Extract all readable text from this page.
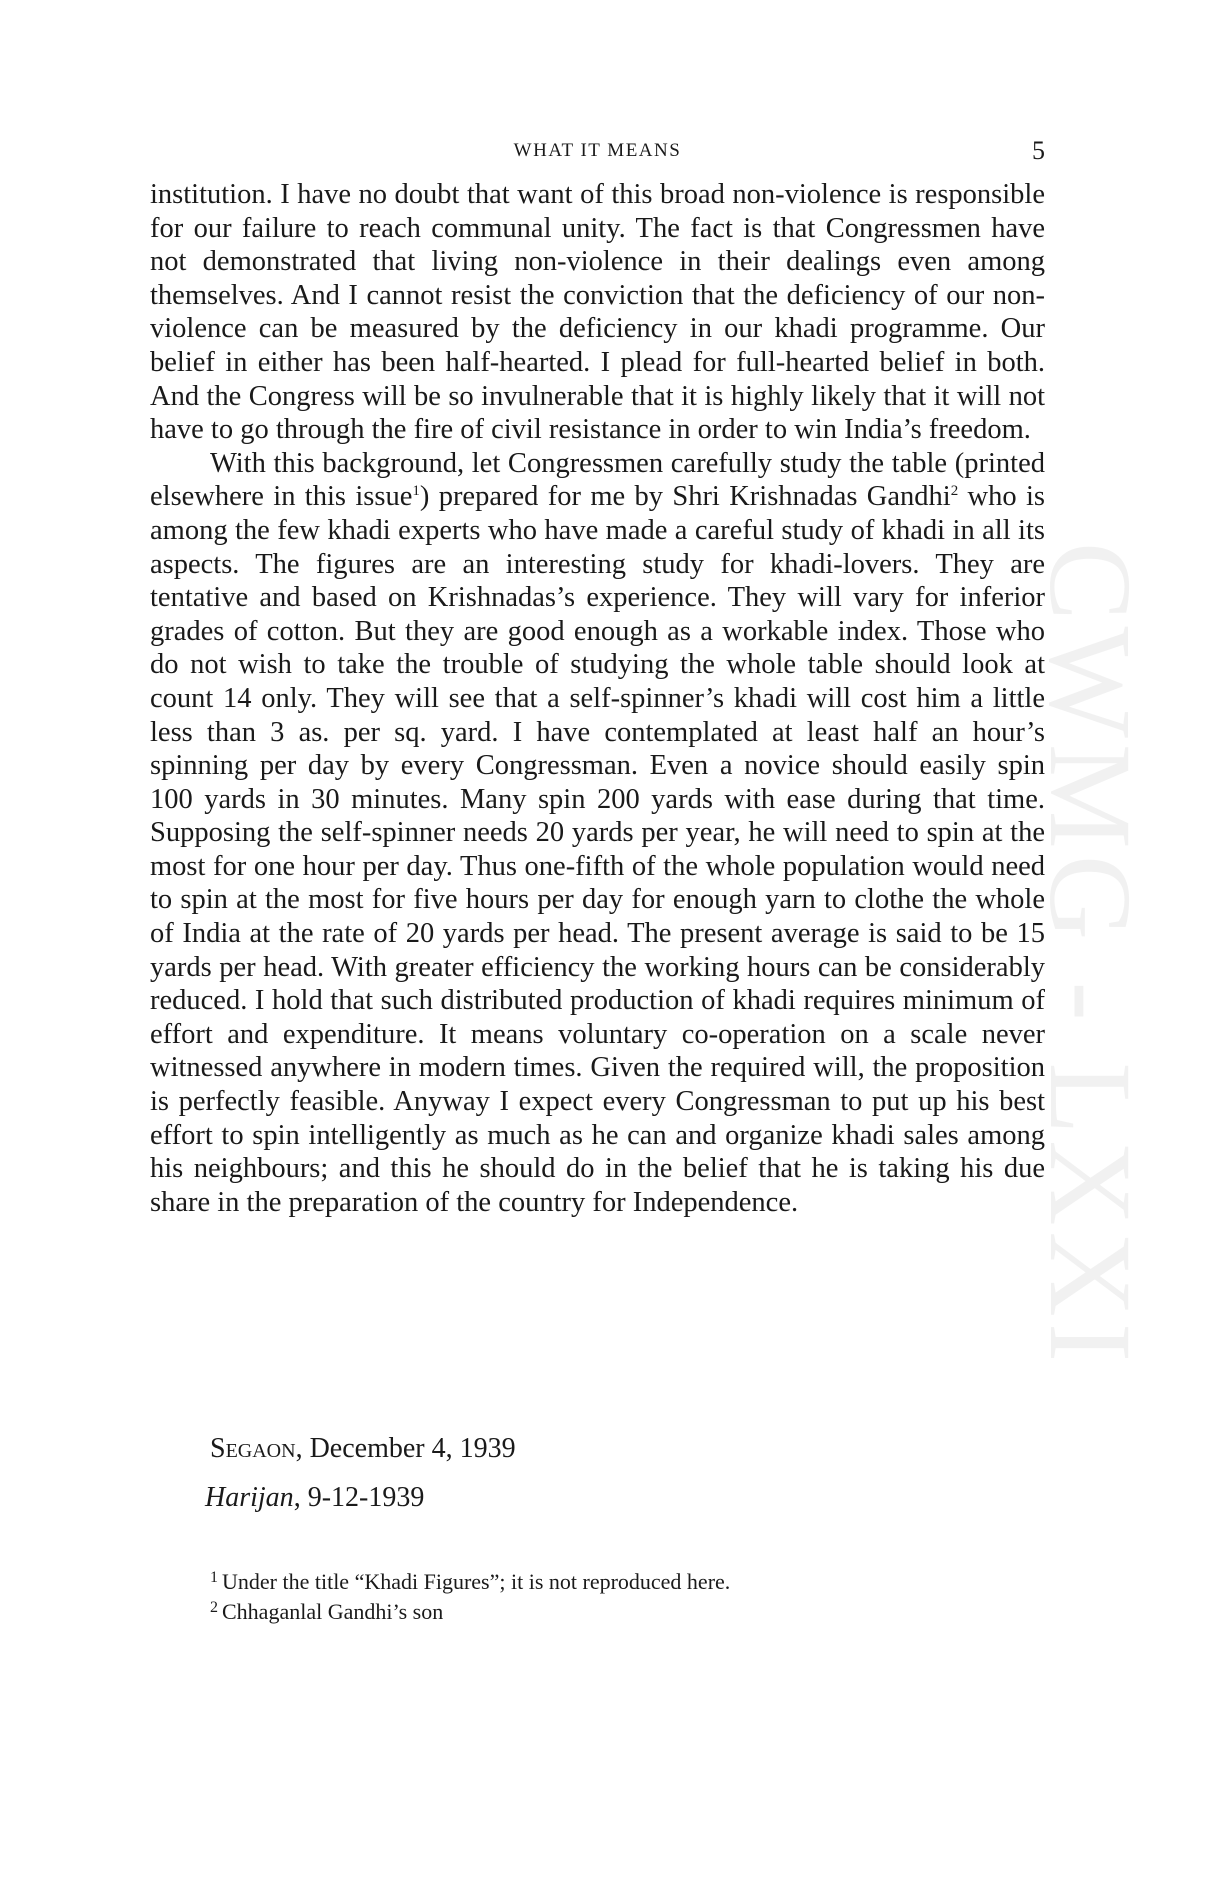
WHAT IT MEANS	5
CWMG - LXXI

institution. I have no doubt that want of this broad non-violence is responsible for our failure to reach communal unity. The fact is that Congressmen have not demonstrated that living non-violence in their dealings even among themselves. And I cannot resist the conviction that the deficiency of our non-violence can be measured by the deficiency in our khadi programme. Our belief in either has been half-hearted. I plead for full-hearted belief in both. And the Congress will be so invulnerable that it is highly likely that it will not have to go through the fire of civil resistance in order to win India’s freedom.

With this background, let Congressmen carefully study the table (printed elsewhere in this issue$^1$) prepared for me by Shri Krishnadas Gandhi$^2$ who is among the few khadi experts who have made a careful study of khadi in all its aspects. The figures are an interesting study for khadi-lovers. They are tentative and based on Krishnadas’s experience. They will vary for inferior grades of cotton. But they are good enough as a workable index. Those who do not wish to take the trouble of studying the whole table should look at count 14 only. They will see that a self-spinner’s khadi will cost him a little less than 3 as. per sq. yard. I have contemplated at least half an hour’s spinning per day by every Congressman. Even a novice should easily spin 100 yards in 30 minutes. Many spin 200 yards with ease during that time. Supposing the self-spinner needs 20 yards per year, he will need to spin at the most for one hour per day. Thus one-fifth of the whole population would need to spin at the most for five hours per day for enough yarn to clothe the whole of India at the rate of 20 yards per head. The present average is said to be 15 yards per head. With greater efficiency the working hours can be considerably reduced. I hold that such distributed production of khadi requires minimum of effort and expenditure. It means voluntary co-operation on a scale never witnessed anywhere in modern times. Given the required will, the proposition is perfectly feasible. Anyway I expect every Congressman to put up his best effort to spin intelligently as much as he can and organize khadi sales among his neighbours; and this he should do in the belief that he is taking his due share in the preparation of the country for Independence.

Segaon, December 4, 1939
Harijan, 9-12-1939
$^1$ Under the title “Khadi Figures”; it is not reproduced here.
$^2$ Chhaganlal Gandhi’s son
